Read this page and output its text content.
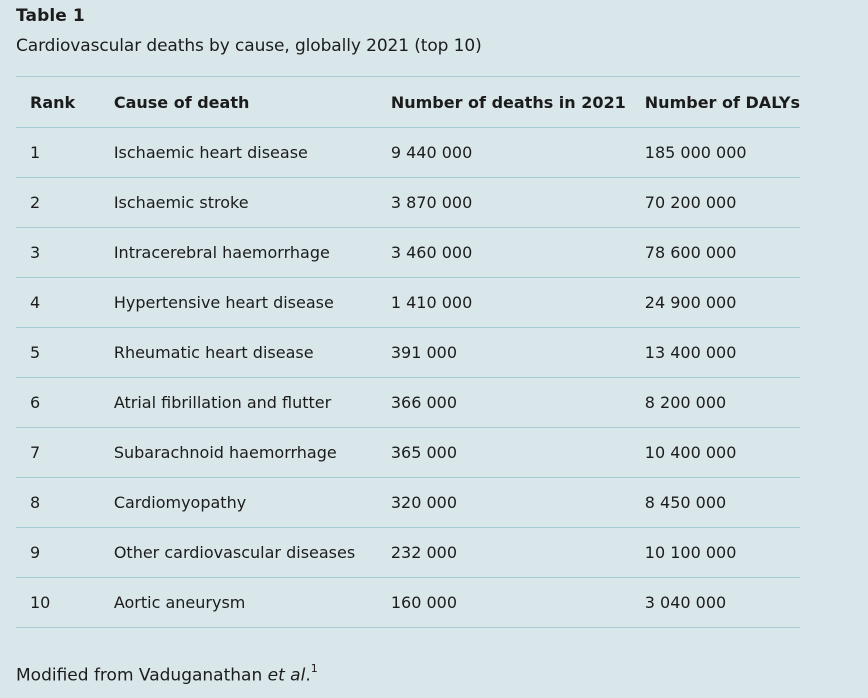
Table 1
Cardiovascular deaths by cause, globally 2021 (top 10)
Rank	Cause of death	Number of deaths in 2021	Number of DALYs
1	Ischaemic heart disease	9 440 000	185 000 000
2	Ischaemic stroke	3 870 000	70 200 000
3	Intracerebral haemorrhage	3 460 000	78 600 000
4	Hypertensive heart disease	1 410 000	24 900 000
5	Rheumatic heart disease	391 000	13 400 000
6	Atrial fibrillation and flutter	366 000	8 200 000
7	Subarachnoid haemorrhage	365 000	10 400 000
8	Cardiomyopathy	320 000	8 450 000
9	Other cardiovascular diseases	232 000	10 100 000
10	Aortic aneurysm	160 000	3 040 000
Modified from Vaduganathan et al.$^1$
